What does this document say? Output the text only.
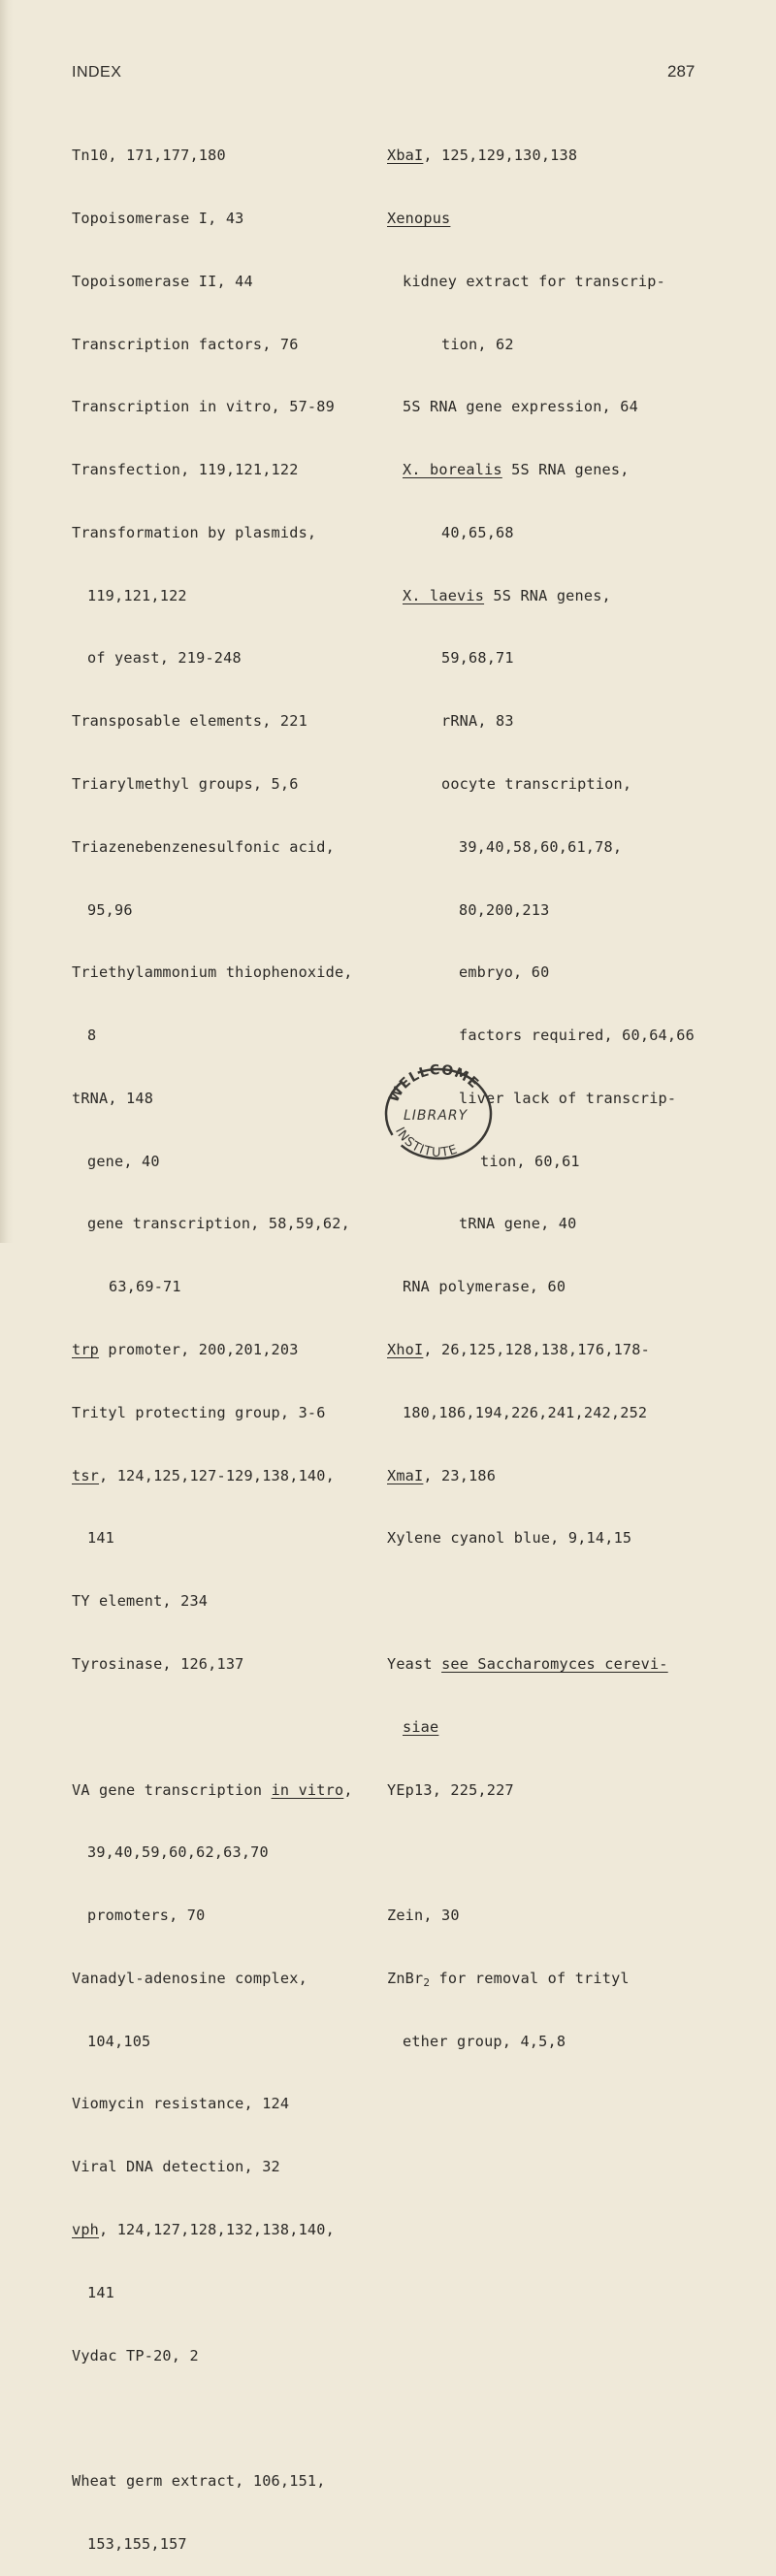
INDEX	287

Tn10, 171,177,180

Topoisomerase I, 43

Topoisomerase II, 44

Transcription factors, 76

Transcription in vitro, 57-89

Transfection, 119,121,122

Transformation by plasmids,

119,121,122

of yeast, 219-248

Transposable elements, 221

Triarylmethyl groups, 5,6

Triazenebenzenesulfonic acid,

95,96

Triethylammonium thiophenoxide,

8

tRNA, 148

gene, 40

gene transcription, 58,59,62,

63,69-71

trp promoter, 200,201,203

Trityl protecting group, 3-6

tsr, 124,125,127-129,138,140,

141

TY element, 234

Tyrosinase, 126,137

VA gene transcription in vitro,

39,40,59,60,62,63,70

promoters, 70

Vanadyl-adenosine complex,

104,105

Viomycin resistance, 124

Viral DNA detection, 32

vph, 124,127,128,132,138,140,

141

Vydac TP-20, 2

Wheat germ extract, 106,151,

153,155,157

XbaI, 125,129,130,138

Xenopus

kidney extract for transcrip-

tion, 62

5S RNA gene expression, 64

X. borealis 5S RNA genes,

40,65,68

X. laevis 5S RNA genes,

59,68,71

rRNA, 83

oocyte transcription,

39,40,58,60,61,78,

80,200,213

embryo, 60

factors required, 60,64,66

liver lack of transcrip-

tion, 60,61

tRNA gene, 40

RNA polymerase, 60

XhoI, 26,125,128,138,176,178-

180,186,194,226,241,242,252

XmaI, 23,186

Xylene cyanol blue, 9,14,15

Yeast see Saccharomyces cerevi-

siae

YEp13, 225,227

Zein, 30

ZnBr$_2$ for removal of trityl

ether group, 4,5,8

WELLCOME
LIBRARY
INSTITUTE
